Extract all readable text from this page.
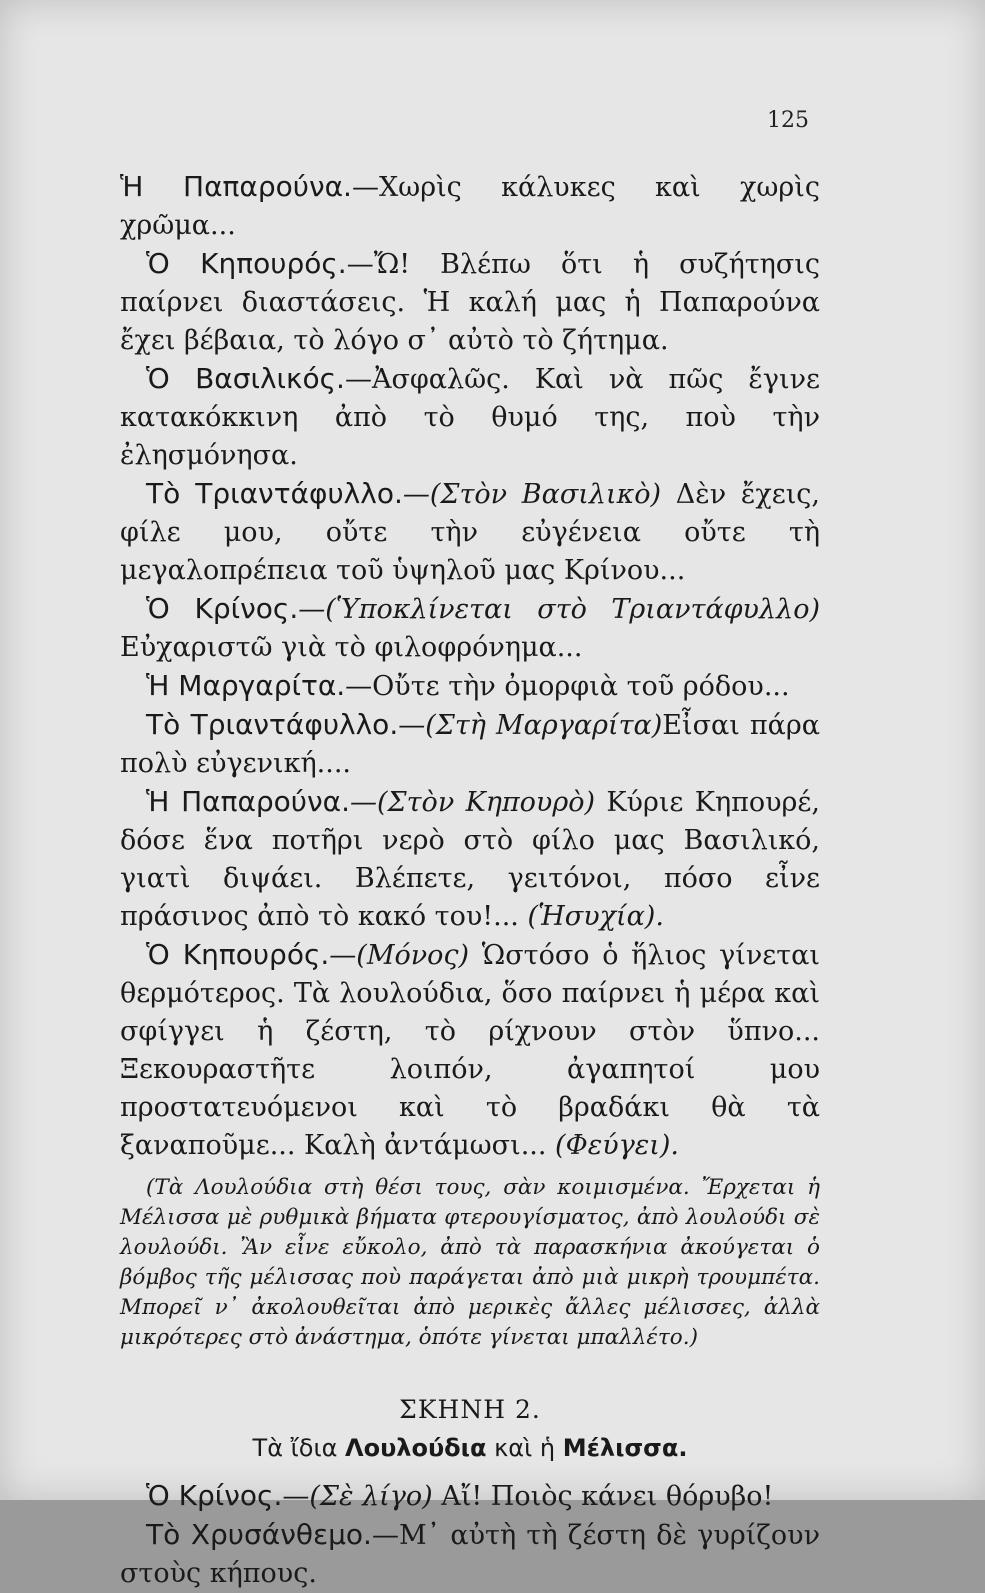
125

Ἡ Παπαρούνα.—Χωρὶς κάλυκες καὶ χωρὶς χρῶμα...

Ὁ Κηπουρός.—Ὤ! Βλέπω ὅτι ἡ συζήτησις παίρνει διαστάσεις. Ἡ καλή μας ἡ Παπαρούνα ἔχει βέβαια, τὸ λόγο σ᾽ αὐτὸ τὸ ζήτημα.

Ὁ Βασιλικός.—Ἀσφαλῶς. Καὶ νὰ πῶς ἔγινε κατακόκκινη ἀπὸ τὸ θυμό της, ποὺ τὴν ἐλησμόνησα.

Τὸ Τριαντάφυλλο.—(Στὸν Βασιλικὸ) Δὲν ἔχεις, φίλε μου, οὔτε τὴν εὐγένεια οὔτε τὴ μεγαλοπρέπεια τοῦ ὑψηλοῦ μας Κρίνου...

Ὁ Κρίνος.—(Ὑποκλίνεται στὸ Τριαντάφυλλο) Εὐχαριστῶ γιὰ τὸ φιλοφρόνημα...

Ἡ Μαργαρίτα.—Οὔτε τὴν ὀμορφιὰ τοῦ ρόδου...

Τὸ Τριαντάφυλλο.—(Στὴ Μαργαρίτα)Εἶσαι πάρα πολὺ εὐγενική....

Ἡ Παπαρούνα.—(Στὸν Κηπουρὸ) Κύριε Κηπουρέ, δόσε ἕνα ποτῆρι νερὸ στὸ φίλο μας Βασιλικό, γιατὶ διψάει. Βλέπετε, γειτόνοι, πόσο εἶνε πράσινος ἀπὸ τὸ κακό του!... (Ἡσυχία).

Ὁ Κηπουρός.—(Μόνος) Ὡστόσο ὁ ἥλιος γίνεται θερμότερος. Τὰ λουλούδια, ὅσο παίρνει ἡ μέρα καὶ σφίγγει ἡ ζέστη, τὸ ρίχνουν στὸν ὕπνο... Ξεκουραστῆτε λοιπόν, ἀγαπητοί μου προστατευόμενοι καὶ τὸ βραδάκι θὰ τὰ ξαναποῦμε... Καλὴ ἀντάμωσι... (Φεύγει).

(Τὰ Λουλούδια στὴ θέσι τους, σὰν κοιμισμένα. Ἔρχεται ἡ Μέλισσα μὲ ρυθμικὰ βήματα φτερουγίσματος, ἀπὸ λουλούδι σὲ λουλούδι. Ἂν εἶνε εὔκολο, ἀπὸ τὰ παρασκήνια ἀκούγεται ὁ βόμβος τῆς μέλισσας ποὺ παράγεται ἀπὸ μιὰ μικρὴ τρουμπέτα. Μπορεῖ ν᾽ ἀκολουθεῖται ἀπὸ μερικὲς ἄλλες μέλισσες, ἀλλὰ μικρότερες στὸ ἀνάστημα, ὁπότε γίνεται μπαλλέτο.)

ΣΚΗΝΗ 2.

Τὰ ἴδια Λουλούδια καὶ ἡ Μέλισσα.

Ὁ Κρίνος.—(Σὲ λίγο) Αἴ! Ποιὸς κάνει θόρυβο!

Τὸ Χρυσάνθεμο.—Μ᾽ αὐτὴ τὴ ζέστη δὲ γυρίζουν στοὺς κήπους.
